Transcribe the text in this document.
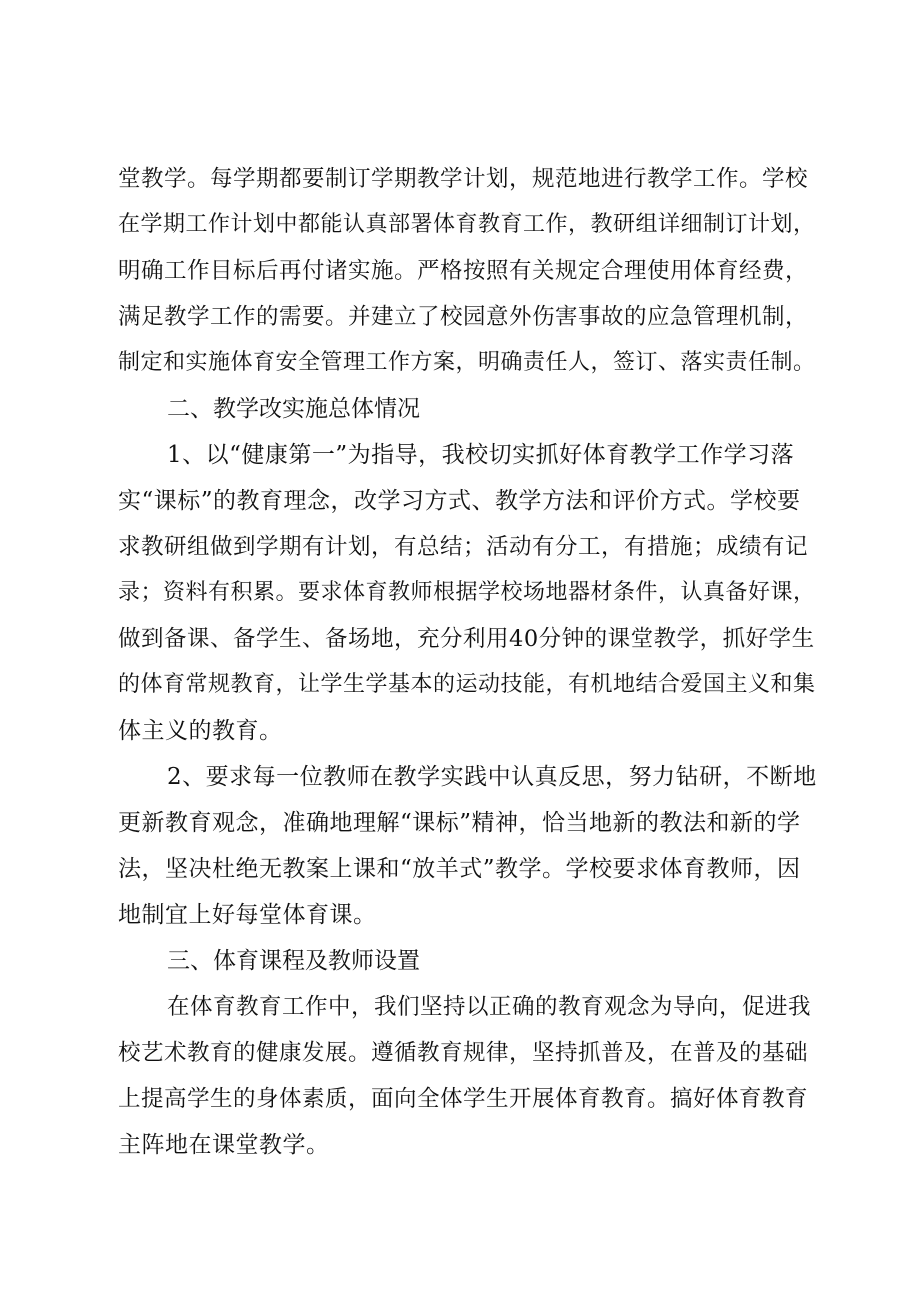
堂教学。每学期都要制订学期教学计划，规范地进行教学工作。学校
在学期工作计划中都能认真部署体育教育工作，教研组详细制订计划，
明确工作目标后再付诸实施。严格按照有关规定合理使用体育经费，
满足教学工作的需要。并建立了校园意外伤害事故的应急管理机制，
制定和实施体育安全管理工作方案，明确责任人，签订、落实责任制。
二、教学改实施总体情况
1、以“健康第一”为指导，我校切实抓好体育教学工作学习落
实“课标”的教育理念，改学习方式、教学方法和评价方式。学校要
求教研组做到学期有计划，有总结；活动有分工，有措施；成绩有记
录；资料有积累。要求体育教师根据学校场地器材条件，认真备好课，
做到备课、备学生、备场地，充分利用40分钟的课堂教学，抓好学生
的体育常规教育，让学生学基本的运动技能，有机地结合爱国主义和集
体主义的教育。
2、要求每一位教师在教学实践中认真反思，努力钻研，不断地
更新教育观念，准确地理解“课标”精神，恰当地新的教法和新的学
法，坚决杜绝无教案上课和“放羊式”教学。学校要求体育教师，因
地制宜上好每堂体育课。
三、体育课程及教师设置
在体育教育工作中，我们坚持以正确的教育观念为导向，促进我
校艺术教育的健康发展。遵循教育规律，坚持抓普及，在普及的基础
上提高学生的身体素质，面向全体学生开展体育教育。搞好体育教育
主阵地在课堂教学。
